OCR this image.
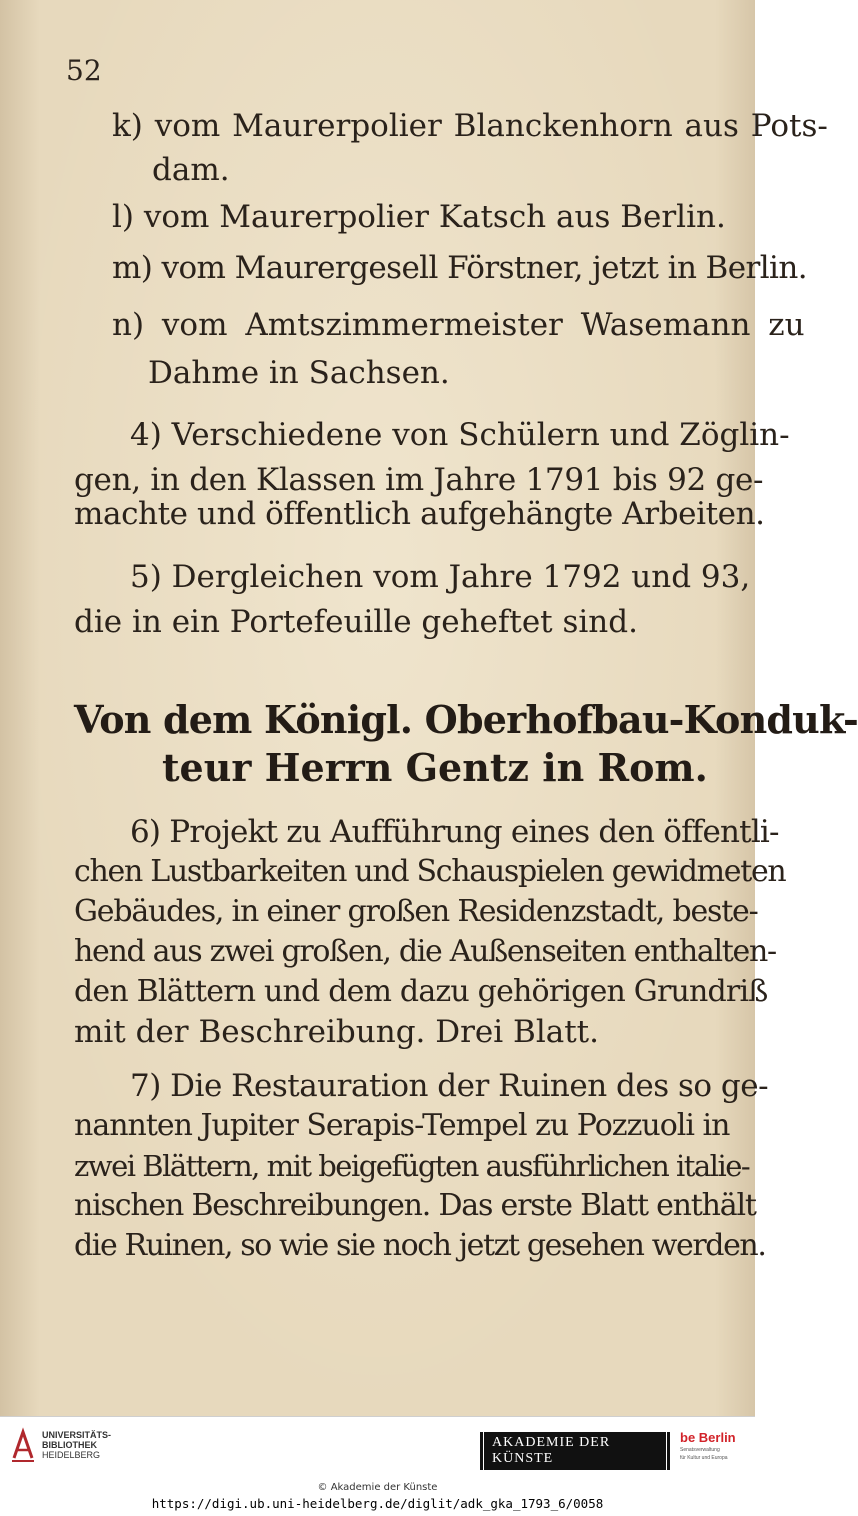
52
k) vom Maurerpolier Blanckenhorn aus Pots-
dam.
l) vom Maurerpolier Katsch aus Berlin.
m) vom Maurergesell Förstner, jetzt in Berlin.
n) vom Amtszimmermeister Wasemann zu
Dahme in Sachsen.
4) Verschiedene von Schülern und Zöglin-
gen, in den Klassen im Jahre 1791 bis 92 ge-
machte und öffentlich aufgehängte Arbeiten.
5) Dergleichen vom Jahre 1792 und 93,
die in ein Portefeuille geheftet sind.
Von dem Königl. Oberhofbau-Konduk-
teur Herrn Gentz in Rom.
6) Projekt zu Aufführung eines den öffentli-
chen Lustbarkeiten und Schauspielen gewidmeten
Gebäudes, in einer großen Residenzstadt, beste-
hend aus zwei großen, die Außenseiten enthalten-
den Blättern und dem dazu gehörigen Grundriß
mit der Beschreibung. Drei Blatt.
7) Die Restauration der Ruinen des so ge-
nannten Jupiter Serapis-Tempel zu Pozzuoli in
zwei Blättern, mit beigefügten ausführlichen italie-
nischen Beschreibungen. Das erste Blatt enthält
die Ruinen, so wie sie noch jetzt gesehen werden.
UNIVERSITÄTS-
BIBLIOTHEK
HEIDELBERG
AKADEMIE DER KÜNSTE
be Berlin
Senatsverwaltung
für Kultur und Europa
© Akademie der Künste
https://digi.ub.uni-heidelberg.de/diglit/adk_gka_1793_6/0058
